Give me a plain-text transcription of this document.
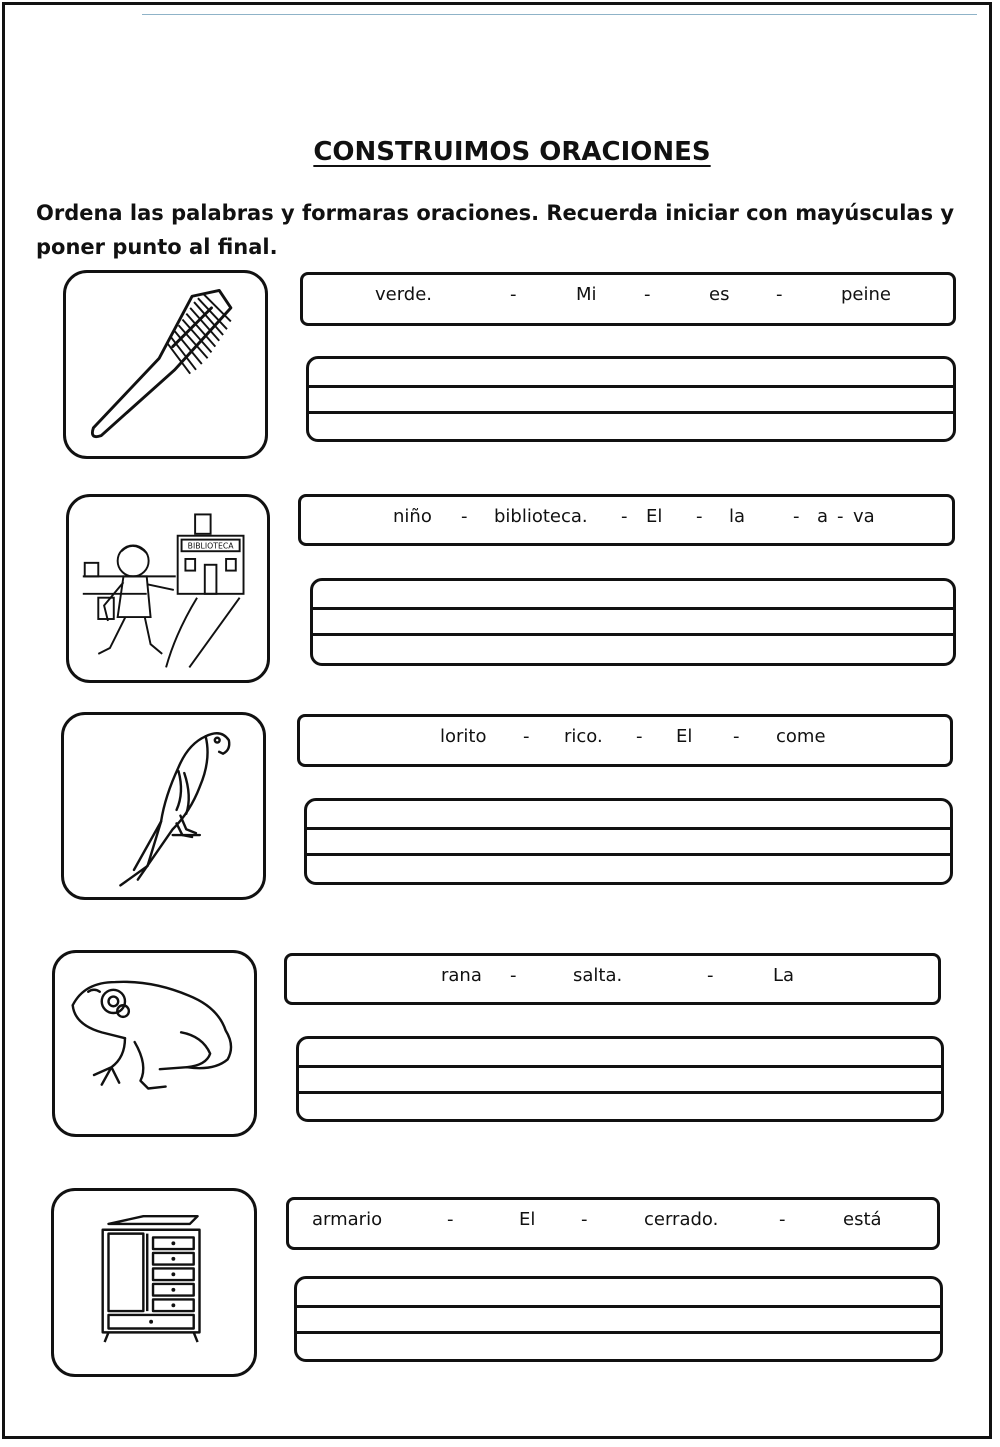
CONSTRUIMOS ORACIONES
Ordena las palabras y formaras oraciones. Recuerda iniciar con mayúsculas y poner punto al final.
verde.	-	Mi	-	es	-	peine
BIBLIOTECA
niño - biblioteca. - El - la	- a - va
lorito - rico. - El - come
rana -	salta.	-	La
armario	-	El	-	cerrado.	-	está
